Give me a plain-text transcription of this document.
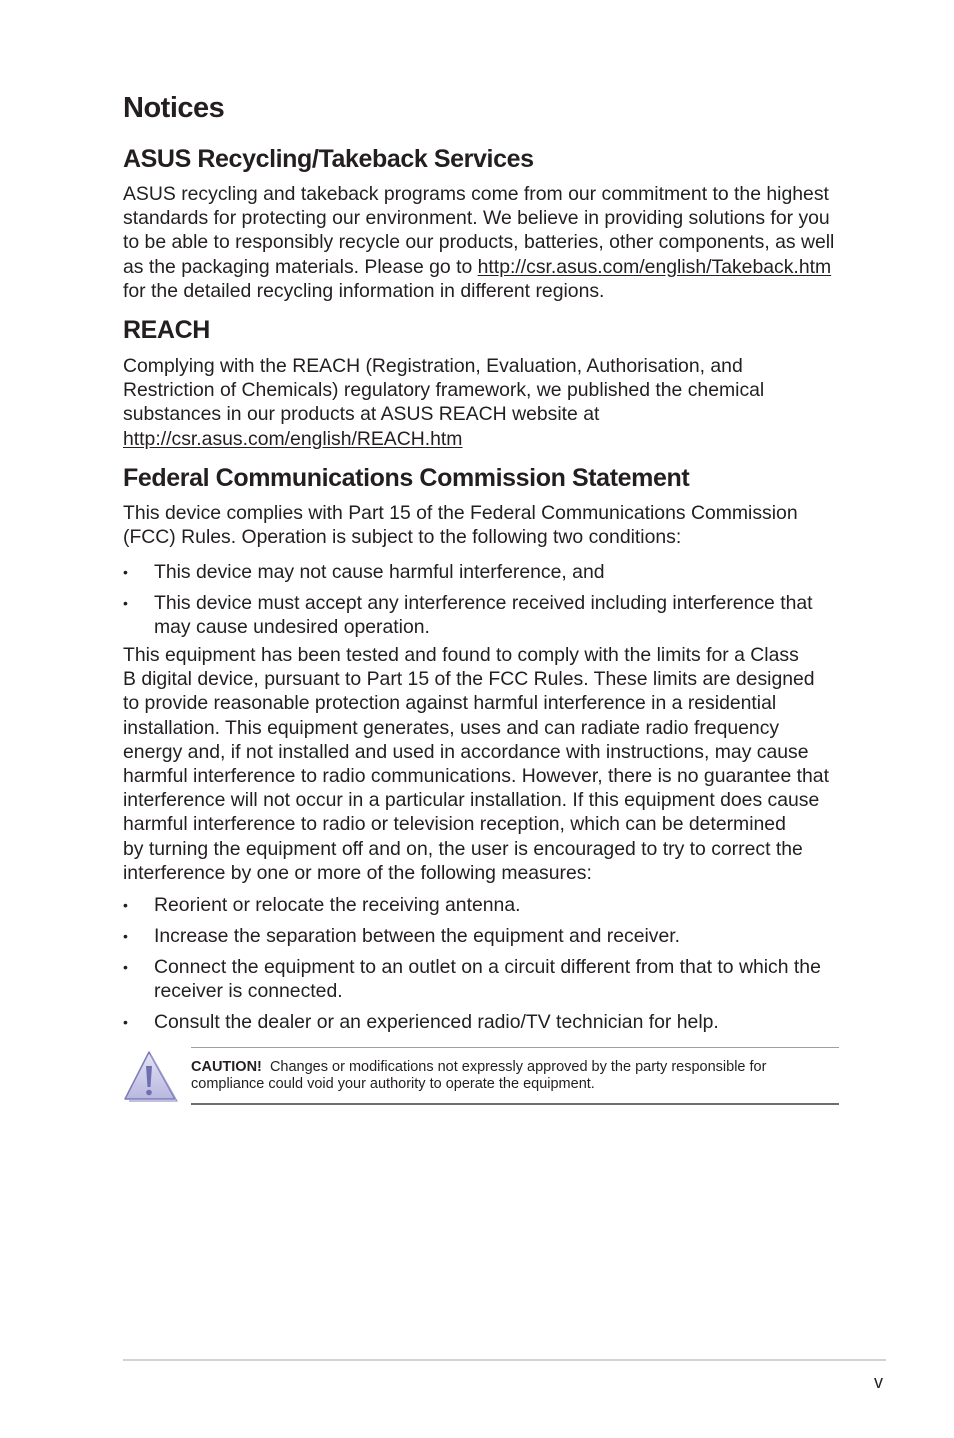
Notices
ASUS Recycling/Takeback Services

ASUS recycling and takeback programs come from our commitment to the highest
standards for protecting our environment. We believe in providing solutions for you
to be able to responsibly recycle our products, batteries, other components, as well
as the packaging materials. Please go to http://csr.asus.com/english/Takeback.htm
for the detailed recycling information in different regions.

REACH

Complying with the REACH (Registration, Evaluation, Authorisation, and
Restriction of Chemicals) regulatory framework, we published the chemical
substances in our products at ASUS REACH website at
http://csr.asus.com/english/REACH.htm

Federal Communications Commission Statement

This device complies with Part 15 of the Federal Communications Commission
(FCC) Rules. Operation is subject to the following two conditions:

• This device may not cause harmful interference, and
• This device must accept any interference received including interference that
may cause undesired operation.

This equipment has been tested and found to comply with the limits for a Class
B digital device, pursuant to Part 15 of the FCC Rules. These limits are designed
to provide reasonable protection against harmful interference in a residential
installation. This equipment generates, uses and can radiate radio frequency
energy and, if not installed and used in accordance with instructions, may cause
harmful interference to radio communications. However, there is no guarantee that
interference will not occur in a particular installation. If this equipment does cause
harmful interference to radio or television reception, which can be determined
by turning the equipment off and on, the user is encouraged to try to correct the
interference by one or more of the following measures:

• Reorient or relocate the receiving antenna.
• Increase the separation between the equipment and receiver.
• Connect the equipment to an outlet on a circuit different from that to which the
receiver is connected.
• Consult the dealer or an experienced radio/TV technician for help.
CAUTION! Changes or modifications not expressly approved by the party responsible for
compliance could void your authority to operate the equipment.
v
